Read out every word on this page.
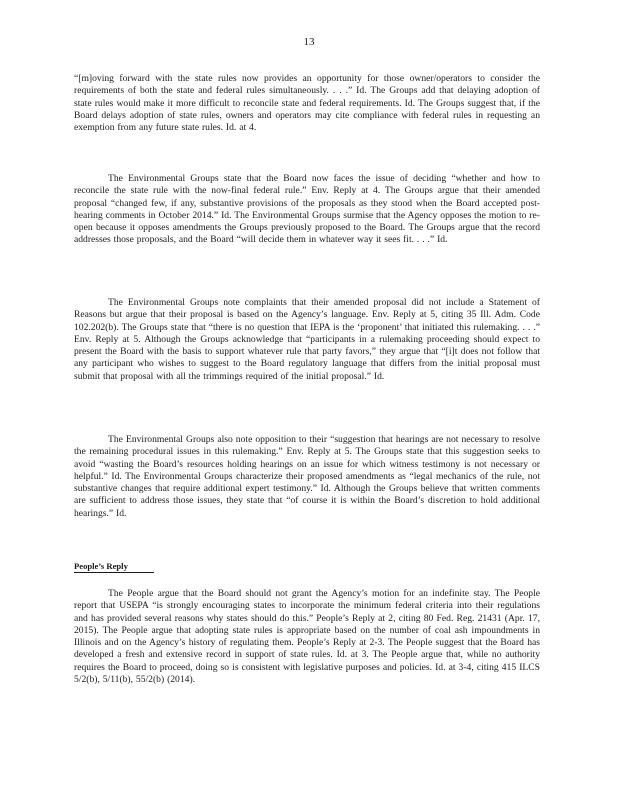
13

“[m]oving forward with the state rules now provides an opportunity for those owner/operators to consider the requirements of both the state and federal rules simultaneously. . . .” Id. The Groups add that delaying adoption of state rules would make it more difficult to reconcile state and federal requirements. Id. The Groups suggest that, if the Board delays adoption of state rules, owners and operators may cite compliance with federal rules in requesting an exemption from any future state rules. Id. at 4.

The Environmental Groups state that the Board now faces the issue of deciding “whether and how to reconcile the state rule with the now-final federal rule.” Env. Reply at 4. The Groups argue that their amended proposal “changed few, if any, substantive provisions of the proposals as they stood when the Board accepted post-hearing comments in October 2014.” Id. The Environmental Groups surmise that the Agency opposes the motion to re-open because it opposes amendments the Groups previously proposed to the Board. The Groups argue that the record addresses those proposals, and the Board “will decide them in whatever way it sees fit. . . .” Id.

The Environmental Groups note complaints that their amended proposal did not include a Statement of Reasons but argue that their proposal is based on the Agency’s language. Env. Reply at 5, citing 35 Ill. Adm. Code 102.202(b). The Groups state that “there is no question that IEPA is the ‘proponent’ that initiated this rulemaking. . . .” Env. Reply at 5. Although the Groups acknowledge that “participants in a rulemaking proceeding should expect to present the Board with the basis to support whatever rule that party favors,” they argue that “[i]t does not follow that any participant who wishes to suggest to the Board regulatory language that differs from the initial proposal must submit that proposal with all the trimmings required of the initial proposal.” Id.

The Environmental Groups also note opposition to their “suggestion that hearings are not necessary to resolve the remaining procedural issues in this rulemaking.” Env. Reply at 5. The Groups state that this suggestion seeks to avoid “wasting the Board’s resources holding hearings on an issue for which witness testimony is not necessary or helpful.” Id. The Environmental Groups characterize their proposed amendments as “legal mechanics of the rule, not substantive changes that require additional expert testimony.” Id. Although the Groups believe that written comments are sufficient to address those issues, they state that “of course it is within the Board’s discretion to hold additional hearings.” Id.

People’s Reply

The People argue that the Board should not grant the Agency’s motion for an indefinite stay. The People report that USEPA “is strongly encouraging states to incorporate the minimum federal criteria into their regulations and has provided several reasons why states should do this.” People’s Reply at 2, citing 80 Fed. Reg. 21431 (Apr. 17, 2015). The People argue that adopting state rules is appropriate based on the number of coal ash impoundments in Illinois and on the Agency’s history of regulating them. People’s Reply at 2-3. The People suggest that the Board has developed a fresh and extensive record in support of state rules. Id. at 3. The People argue that, while no authority requires the Board to proceed, doing so is consistent with legislative purposes and policies. Id. at 3-4, citing 415 ILCS 5/2(b), 5/11(b), 55/2(b) (2014).
